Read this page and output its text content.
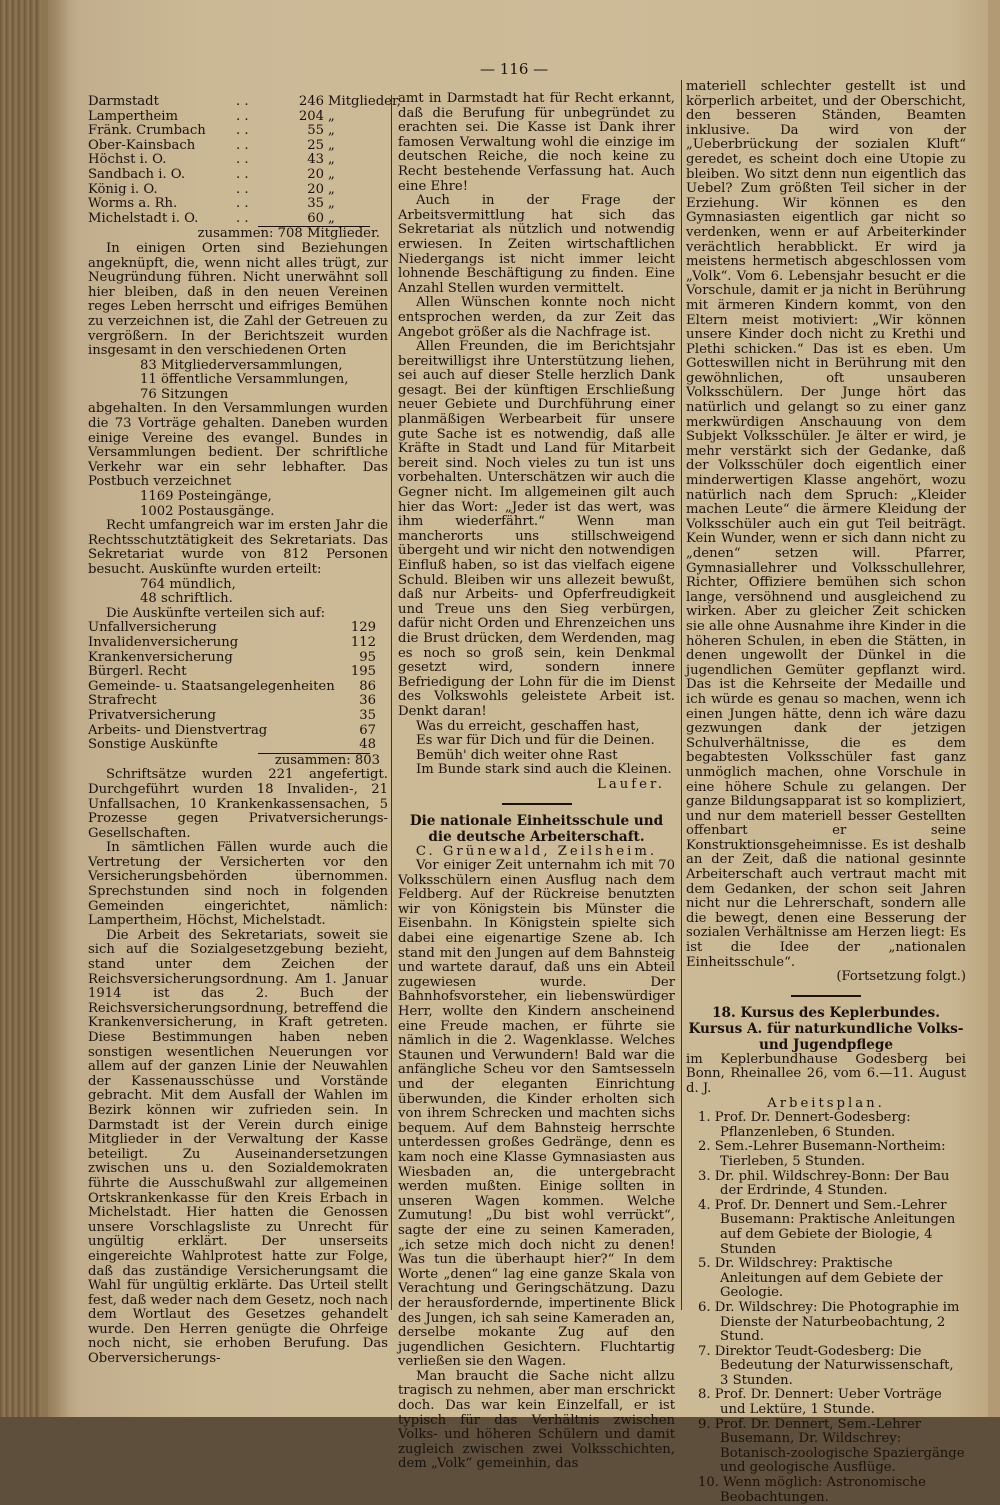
— 116 —
Darmstadt	. .	246 Mitglieder,
Lampertheim	. .	204 „
Fränk. Crumbach	. .	55 „
Ober-Kainsbach	. .	25 „
Höchst i. O.	. .	43 „
Sandbach i. O.	. .	20 „
König i. O.	. .	20 „
Worms a. Rh.	. .	35 „
Michelstadt i. O.	. .	60 „
zusammen: 708 Mitglieder.

In einigen Orten sind Beziehungen angeknüpft, die, wenn nicht alles trügt, zur Neugründung führen. Nicht unerwähnt soll hier bleiben, daß in den neuen Vereinen reges Leben herrscht und eifriges Bemühen zu verzeichnen ist, die Zahl der Getreuen zu vergrößern. In der Berichtszeit wurden insgesamt in den verschiedenen Orten

83 Mitgliederversammlungen,
11 öffentliche Versammlungen,
76 Sitzungen

abgehalten. In den Versammlungen wurden die 73 Vorträge gehalten. Daneben wurden einige Vereine des evangel. Bundes in Versammlungen bedient. Der schriftliche Verkehr war ein sehr lebhafter. Das Postbuch verzeichnet

1169 Posteingänge,
1002 Postausgänge.

Recht umfangreich war im ersten Jahr die Rechtsschutztätigkeit des Sekretariats. Das Sekretariat wurde von 812 Personen besucht. Auskünfte wurden erteilt:

764 mündlich,
48 schriftlich.

Die Auskünfte verteilen sich auf:

Unfallversicherung	129
Invalidenversicherung	112
Krankenversicherung	95
Bürgerl. Recht	195
Gemeinde- u. Staatsangelegenheiten	86
Strafrecht	36
Privatversicherung	35
Arbeits- und Dienstvertrag	67
Sonstige Auskünfte	48
zusammen: 803

Schriftsätze wurden 221 angefertigt. Durchgeführt wurden 18 Invaliden-, 21 Unfallsachen, 10 Krankenkassensachen, 5 Prozesse gegen Privatversicherungs-Gesellschaften.

In sämtlichen Fällen wurde auch die Vertretung der Versicherten vor den Versicherungsbehörden übernommen. Sprechstunden sind noch in folgenden Gemeinden eingerichtet, nämlich: Lampertheim, Höchst, Michelstadt.

Die Arbeit des Sekretariats, soweit sie sich auf die Sozialgesetzgebung bezieht, stand unter dem Zeichen der Reichsversicherungsordnung. Am 1. Januar 1914 ist das 2. Buch der Reichsversicherungsordnung, betreffend die Krankenversicherung, in Kraft getreten. Diese Bestimmungen haben neben sonstigen wesentlichen Neuerungen vor allem auf der ganzen Linie der Neuwahlen der Kassenausschüsse und Vorstände gebracht. Mit dem Ausfall der Wahlen im Bezirk können wir zufrieden sein. In Darmstadt ist der Verein durch einige Mitglieder in der Verwaltung der Kasse beteiligt. Zu Auseinandersetzungen zwischen uns u. den Sozialdemokraten führte die Ausschußwahl zur allgemeinen Ortskrankenkasse für den Kreis Erbach in Michelstadt. Hier hatten die Genossen unsere Vorschlagsliste zu Unrecht für ungültig erklärt. Der unserseits eingereichte Wahlprotest hatte zur Folge, daß das zuständige Versicherungsamt die Wahl für ungültig erklärte. Das Urteil stellt fest, daß weder nach dem Gesetz, noch nach dem Wortlaut des Gesetzes gehandelt wurde. Den Herren genügte die Ohrfeige noch nicht, sie erhoben Berufung. Das Oberversicherungs-

amt in Darmstadt hat für Recht erkannt, daß die Berufung für unbegründet zu erachten sei. Die Kasse ist Dank ihrer famosen Verwaltung wohl die einzige im deutschen Reiche, die noch keine zu Recht bestehende Verfassung hat. Auch eine Ehre!

Auch in der Frage der Arbeitsvermittlung hat sich das Sekretariat als nützlich und notwendig erwiesen. In Zeiten wirtschaftlichen Niedergangs ist nicht immer leicht lohnende Beschäftigung zu finden. Eine Anzahl Stellen wurden vermittelt.

Allen Wünschen konnte noch nicht entsprochen werden, da zur Zeit das Angebot größer als die Nachfrage ist.

Allen Freunden, die im Berichtsjahr bereitwilligst ihre Unterstützung liehen, sei auch auf dieser Stelle herzlich Dank gesagt. Bei der künftigen Erschließung neuer Gebiete und Durchführung einer planmäßigen Werbearbeit für unsere gute Sache ist es notwendig, daß alle Kräfte in Stadt und Land für Mitarbeit bereit sind. Noch vieles zu tun ist uns vorbehalten. Unterschätzen wir auch die Gegner nicht. Im allgemeinen gilt auch hier das Wort: „Jeder ist das wert, was ihm wiederfährt.“ Wenn man mancherorts uns stillschweigend übergeht und wir nicht den notwendigen Einfluß haben, so ist das vielfach eigene Schuld. Bleiben wir uns allezeit bewußt, daß nur Arbeits- und Opferfreudigkeit und Treue uns den Sieg verbürgen, dafür nicht Orden und Ehrenzeichen uns die Brust drücken, dem Werdenden, mag es noch so groß sein, kein Denkmal gesetzt wird, sondern innere Befriedigung der Lohn für die im Dienst des Volkswohls geleistete Arbeit ist. Denkt daran!

Was du erreicht, geschaffen hast,
Es war für Dich und für die Deinen.
Bemüh' dich weiter ohne Rast
Im Bunde stark sind auch die Kleinen.
Laufer.
Die nationale Einheitsschule und die deutsche Arbeiterschaft.
C. Grünewald, Zeilsheim.

Vor einiger Zeit unternahm ich mit 70 Volksschülern einen Ausflug nach dem Feldberg. Auf der Rückreise benutzten wir von Königstein bis Münster die Eisenbahn. In Königstein spielte sich dabei eine eigenartige Szene ab. Ich stand mit den Jungen auf dem Bahnsteig und wartete darauf, daß uns ein Abteil zugewiesen wurde. Der Bahnhofsvorsteher, ein liebenswürdiger Herr, wollte den Kindern anscheinend eine Freude machen, er führte sie nämlich in die 2. Wagenklasse. Welches Staunen und Verwundern! Bald war die anfängliche Scheu vor den Samtsesseln und der eleganten Einrichtung überwunden, die Kinder erholten sich von ihrem Schrecken und machten sichs bequem. Auf dem Bahnsteig herrschte unterdessen großes Gedränge, denn es kam noch eine Klasse Gymnasiasten aus Wiesbaden an, die untergebracht werden mußten. Einige sollten in unseren Wagen kommen. Welche Zumutung! „Du bist wohl verrückt“, sagte der eine zu seinen Kameraden, „ich setze mich doch nicht zu denen! Was tun die überhaupt hier?“ In dem Worte „denen“ lag eine ganze Skala von Verachtung und Geringschätzung. Dazu der herausfordernde, impertinente Blick des Jungen, ich sah seine Kameraden an, derselbe mokante Zug auf den jugendlichen Gesichtern. Fluchtartig verließen sie den Wagen.

Man braucht die Sache nicht allzu tragisch zu nehmen, aber man erschrickt doch. Das war kein Einzelfall, er ist typisch für das Verhältnis zwischen Volks- und höheren Schülern und damit zugleich zwischen zwei Volksschichten, dem „Volk“ gemeinhin, das

materiell schlechter gestellt ist und körperlich arbeitet, und der Oberschicht, den besseren Ständen, Beamten inklusive. Da wird von der „Ueberbrückung der sozialen Kluft“ geredet, es scheint doch eine Utopie zu bleiben. Wo sitzt denn nun eigentlich das Uebel? Zum größten Teil sicher in der Erziehung. Wir können es den Gymnasiasten eigentlich gar nicht so verdenken, wenn er auf Arbeiterkinder verächtlich herabblickt. Er wird ja meistens hermetisch abgeschlossen vom „Volk“. Vom 6. Lebensjahr besucht er die Vorschule, damit er ja nicht in Berührung mit ärmeren Kindern kommt, von den Eltern meist motiviert: „Wir können unsere Kinder doch nicht zu Krethi und Plethi schicken.“ Das ist es eben. Um Gotteswillen nicht in Berührung mit den gewöhnlichen, oft unsauberen Volksschülern. Der Junge hört das natürlich und gelangt so zu einer ganz merkwürdigen Anschauung von dem Subjekt Volksschüler. Je älter er wird, je mehr verstärkt sich der Gedanke, daß der Volksschüler doch eigentlich einer minderwertigen Klasse angehört, wozu natürlich nach dem Spruch: „Kleider machen Leute“ die ärmere Kleidung der Volksschüler auch ein gut Teil beiträgt. Kein Wunder, wenn er sich dann nicht zu „denen“ setzen will. Pfarrer, Gymnasiallehrer und Volksschullehrer, Richter, Offiziere bemühen sich schon lange, versöhnend und ausgleichend zu wirken. Aber zu gleicher Zeit schicken sie alle ohne Ausnahme ihre Kinder in die höheren Schulen, in eben die Stätten, in denen ungewollt der Dünkel in die jugendlichen Gemüter gepflanzt wird. Das ist die Kehrseite der Medaille und ich würde es genau so machen, wenn ich einen Jungen hätte, denn ich wäre dazu gezwungen dank der jetzigen Schulverhältnisse, die es dem begabtesten Volksschüler fast ganz unmöglich machen, ohne Vorschule in eine höhere Schule zu gelangen. Der ganze Bildungsapparat ist so kompliziert, und nur dem materiell besser Gestellten offenbart er seine Konstruktionsgeheimnisse. Es ist deshalb an der Zeit, daß die national gesinnte Arbeiterschaft auch vertraut macht mit dem Gedanken, der schon seit Jahren nicht nur die Lehrerschaft, sondern alle die bewegt, denen eine Besserung der sozialen Verhältnisse am Herzen liegt: Es ist die Idee der „nationalen Einheitsschule“.

(Fortsetzung folgt.)
18. Kursus des Keplerbundes. Kursus A. für naturkundliche Volks- und Jugendpflege

im Keplerbundhause Godesberg bei Bonn, Rheinallee 26, vom 6.—11. August d. J.

Arbeitsplan.
1. Prof. Dr. Dennert-Godesberg: Pflanzenleben, 6 Stunden.
2. Sem.-Lehrer Busemann-Northeim: Tierleben, 5 Stunden.
3. Dr. phil. Wildschrey-Bonn: Der Bau der Erdrinde, 4 Stunden.
4. Prof. Dr. Dennert und Sem.-Lehrer Busemann: Praktische Anleitungen auf dem Gebiete der Biologie, 4 Stunden
5. Dr. Wildschrey: Praktische Anleitungen auf dem Gebiete der Geologie.
6. Dr. Wildschrey: Die Photographie im Dienste der Naturbeobachtung, 2 Stund.
7. Direktor Teudt-Godesberg: Die Bedeutung der Naturwissenschaft, 3 Stunden.
8. Prof. Dr. Dennert: Ueber Vorträge und Lektüre, 1 Stunde.
9. Prof. Dr. Dennert, Sem.-Lehrer Busemann, Dr. Wildschrey: Botanisch-zoologische Spaziergänge und geologische Ausflüge.
10. Wenn möglich: Astronomische Beobachtungen.
